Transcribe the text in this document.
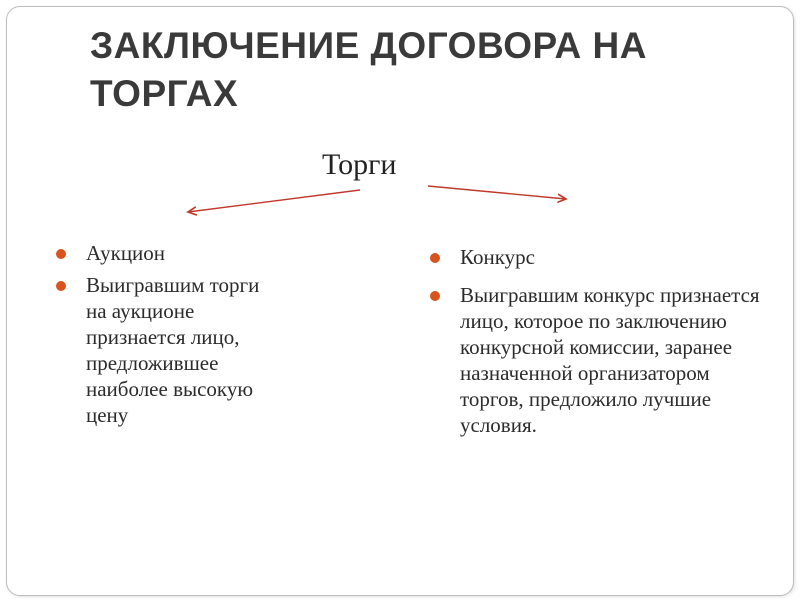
ЗАКЛЮЧЕНИЕ ДОГОВОРА НА ТОРГАХ
Торги
Аукцион
Выигравшим торги на аукционе признается лицо, предложившее наиболее высокую цену
Конкурс
Выигравшим конкурс признается лицо, которое по заключению конкурсной комиссии, заранее назначенной организатором торгов, предложило лучшие условия.
